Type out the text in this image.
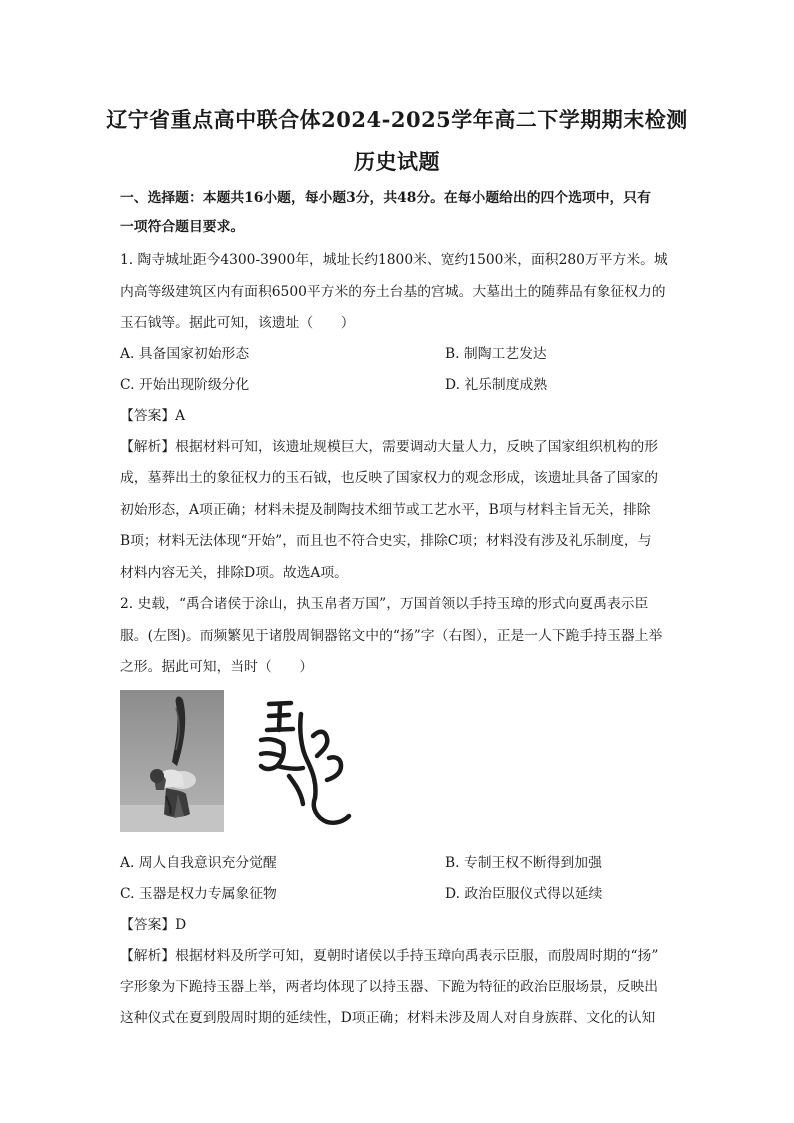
辽宁省重点高中联合体2024-2025学年高二下学期期末检测
历史试题
一、选择题：本题共16小题，每小题3分，共48分。在每小题给出的四个选项中，只有
一项符合题目要求。
1. 陶寺城址距今4300-3900年，城址长约1800米、宽约1500米，面积280万平方米。城
内高等级建筑区内有面积6500平方米的夯土台基的宫城。大墓出土的随葬品有象征权力的
玉石钺等。据此可知，该遗址（　　）
A. 具备国家初始形态	B. 制陶工艺发达
C. 开始出现阶级分化	D. 礼乐制度成熟
【答案】A
【解析】根据材料可知，该遗址规模巨大，需要调动大量人力，反映了国家组织机构的形
成，墓葬出土的象征权力的玉石钺，也反映了国家权力的观念形成，该遗址具备了国家的
初始形态，A项正确；材料未提及制陶技术细节或工艺水平，B项与材料主旨无关，排除
B项；材料无法体现“开始”，而且也不符合史实，排除C项；材料没有涉及礼乐制度，与
材料内容无关，排除D项。故选A项。
2. 史载，“禹合诸侯于涂山，执玉帛者万国”，万国首领以手持玉璋的形式向夏禹表示臣
服。(左图)。而频繁见于诸殷周铜器铭文中的“扬”字（右图），正是一人下跪手持玉器上举
之形。据此可知，当时（　　）
A. 周人自我意识充分觉醒	B. 专制王权不断得到加强
C. 玉器是权力专属象征物	D. 政治臣服仪式得以延续
【答案】D
【解析】根据材料及所学可知，夏朝时诸侯以手持玉璋向禹表示臣服，而殷周时期的“扬”
字形象为下跪持玉器上举，两者均体现了以持玉器、下跪为特征的政治臣服场景，反映出
这种仪式在夏到殷周时期的延续性，D项正确；材料未涉及周人对自身族群、文化的认知
